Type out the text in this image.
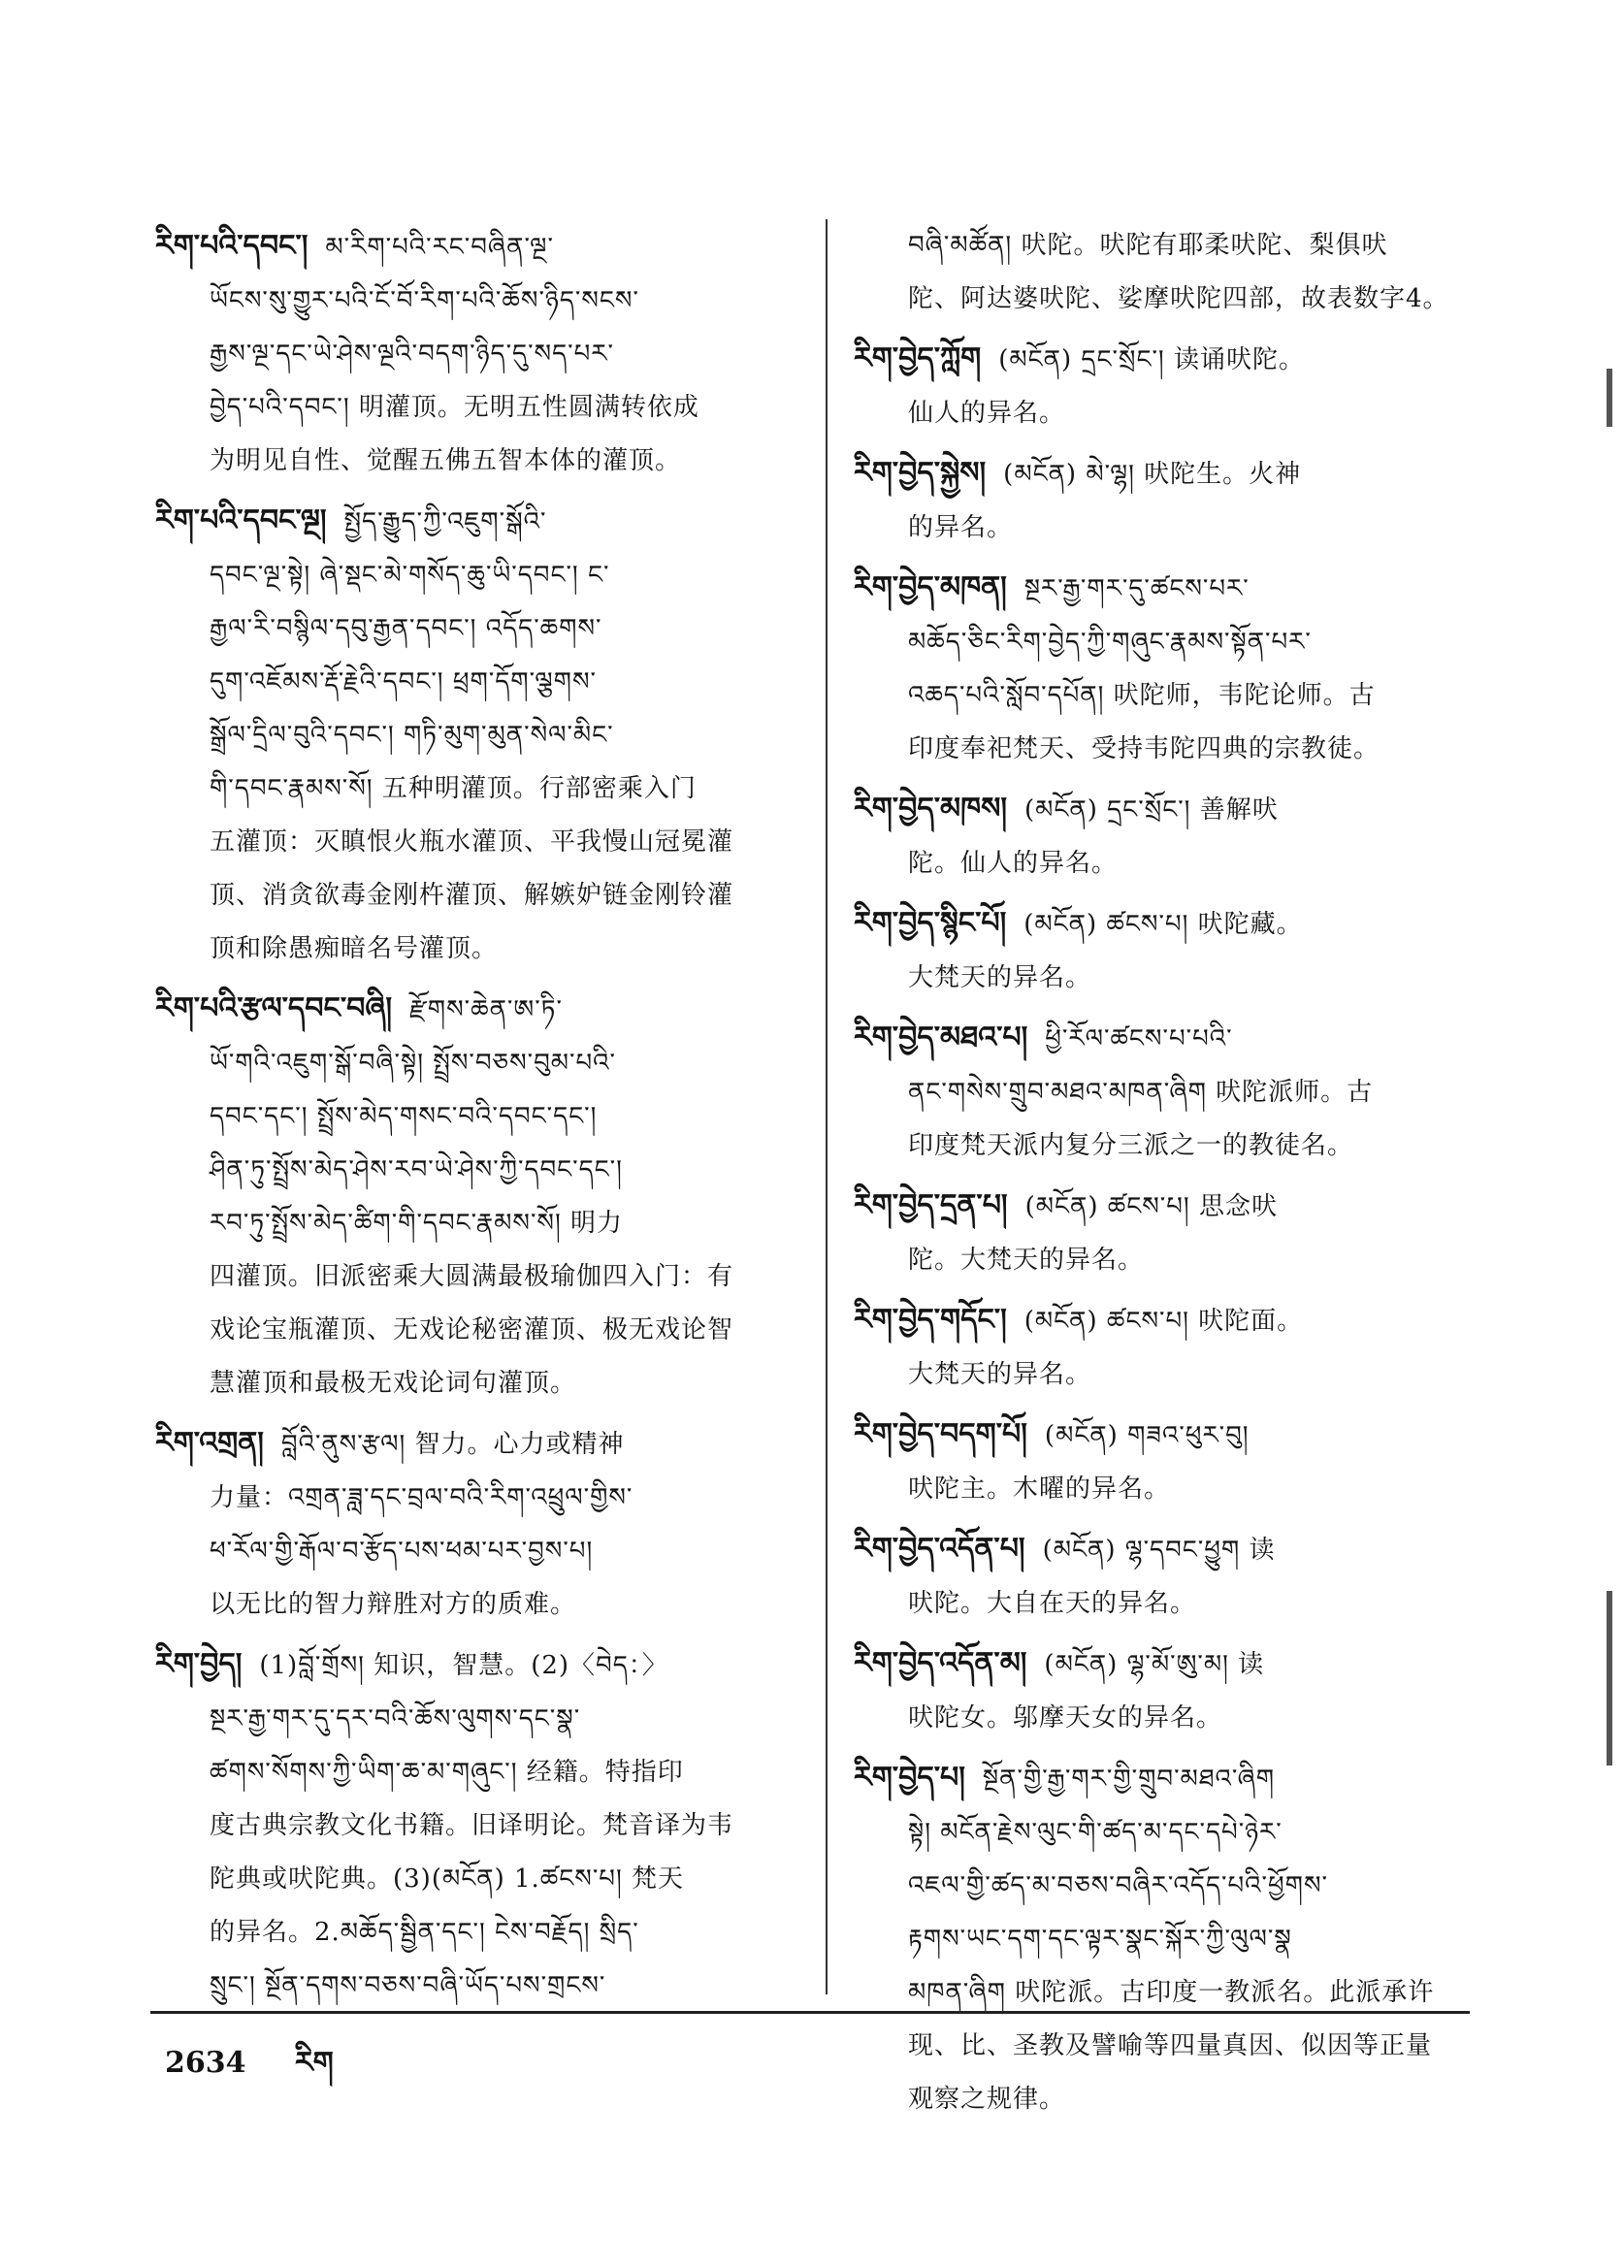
རིག་པའི་དབང་། མ་རིག་པའི་རང་བཞིན་ལྔ་

ཡོངས་སུ་གྱུར་པའི་ངོ་བོ་རིག་པའི་ཆོས་ཉིད་སངས་

རྒྱས་ལྔ་དང་ཡེ་ཤེས་ལྔའི་བདག་ཉིད་དུ་སད་པར་

བྱེད་པའི་དབང་། 明灌顶。无明五性圆满转依成

为明见自性、觉醒五佛五智本体的灌顶。

རིག་པའི་དབང་ལྔ། སྤྱོད་རྒྱུད་ཀྱི་འཇུག་སྒོའི་

དབང་ལྔ་སྟེ། ཞེ་སྡང་མེ་གསོད་ཆུ་ཡི་དབང་། ང་

རྒྱལ་རི་བསྙིལ་དབུ་རྒྱན་དབང་། འདོད་ཆགས་

དུག་འཇོམས་རྡོ་རྗེའི་དབང་། ཕྲག་དོག་ལྕགས་

སྒྲོལ་དྲིལ་བུའི་དབང་། གཏི་མུག་མུན་སེལ་མིང་

གི་དབང་རྣམས་སོ། 五种明灌顶。行部密乘入门

五灌顶：灭瞋恨火瓶水灌顶、平我慢山冠冕灌

顶、消贪欲毒金刚杵灌顶、解嫉妒链金刚铃灌

顶和除愚痴暗名号灌顶。

རིག་པའི་རྩལ་དབང་བཞི། རྫོགས་ཆེན་ཨ་ཏི་

ཡོ་གའི་འཇུག་སྒོ་བཞི་སྟེ། སྤྲོས་བཅས་བུམ་པའི་

དབང་དང་། སྤྲོས་མེད་གསང་བའི་དབང་དང་།

ཤིན་ཏུ་སྤྲོས་མེད་ཤེས་རབ་ཡེ་ཤེས་ཀྱི་དབང་དང་།

རབ་ཏུ་སྤྲོས་མེད་ཚིག་གི་དབང་རྣམས་སོ། 明力

四灌顶。旧派密乘大圆满最极瑜伽四入门：有

戏论宝瓶灌顶、无戏论秘密灌顶、极无戏论智

慧灌顶和最极无戏论词句灌顶。

རིག་འགྲན། བློའི་ནུས་རྩལ། 智力。心力或精神

力量：འགྲན་ཟླ་དང་བྲལ་བའི་རིག་འཕྲུལ་གྱིས་

ཕ་རོལ་གྱི་རྒོལ་བ་རྩོད་པས་ཕམ་པར་བྱས་པ།

以无比的智力辩胜对方的质难。

རིག་བྱེད། (1)བློ་གྲོས། 知识，智慧。(2)〈བེད：〉

སྔར་རྒྱ་གར་དུ་དར་བའི་ཆོས་ལུགས་དང་སྣ་

ཚགས་སོགས་ཀྱི་ཡིག་ཆ་མ་གཞུང་། 经籍。特指印

度古典宗教文化书籍。旧译明论。梵音译为韦

陀典或吠陀典。(3)(མངོན) 1.ཚངས་པ། 梵天

的异名。2.མཆོད་སྦྱིན་དང་། ངེས་བརྗོད། སྲིད་

སྲུང་། སྔོན་དགས་བཅས་བཞི་ཡོད་པས་གྲངས་

བཞི་མཚོན། 吠陀。吠陀有耶柔吠陀、梨俱吠

陀、阿达婆吠陀、娑摩吠陀四部，故表数字4。

རིག་བྱེད་ཀློག (མངོན) དྲང་སྲོང་། 读诵吠陀。

仙人的异名。

རིག་བྱེད་སྐྱེས། (མངོན) མེ་ལྷ། 吠陀生。火神

的异名。

རིག་བྱེད་མཁན། སྔར་རྒྱ་གར་དུ་ཚངས་པར་

མཆོད་ཅིང་རིག་བྱེད་ཀྱི་གཞུང་རྣམས་སྟོན་པར་

འཆད་པའི་སློབ་དཔོན། 吠陀师，韦陀论师。古

印度奉祀梵天、受持韦陀四典的宗教徒。

རིག་བྱེད་མཁས། (མངོན) དྲང་སྲོང་། 善解吠

陀。仙人的异名。

རིག་བྱེད་སྙིང་པོ། (མངོན) ཚངས་པ། 吠陀藏。

大梵天的异名。

རིག་བྱེད་མཐའ་པ། ཕྱི་རོལ་ཚངས་པ་པའི་

ནང་གསེས་གྲུབ་མཐའ་མཁན་ཞིག 吠陀派师。古

印度梵天派内复分三派之一的教徒名。

རིག་བྱེད་དྲན་པ། (མངོན) ཚངས་པ། 思念吠

陀。大梵天的异名。

རིག་བྱེད་གདོང་། (མངོན) ཚངས་པ། 吠陀面。

大梵天的异名。

རིག་བྱེད་བདག་པོ། (མངོན) གཟའ་ཕུར་བུ།

吠陀主。木曜的异名。

རིག་བྱེད་འདོན་པ། (མངོན) ལྷ་དབང་ཕྱུག 读

吠陀。大自在天的异名。

རིག་བྱེད་འདོན་མ། (མངོན) ལྷ་མོ་ཨུ་མ། 读

吠陀女。邬摩天女的异名。

རིག་བྱེད་པ། སྔོན་གྱི་རྒྱ་གར་གྱི་གྲུབ་མཐའ་ཞིག

སྟེ། མངོན་རྗེས་ལུང་གི་ཚད་མ་དང་དཔེ་ཉེར་

འཇལ་གྱི་ཚད་མ་བཅས་བཞིར་འདོད་པའི་ཕྱོགས་

རྟགས་ཡང་དག་དང་ལྟར་སྣང་སྐོར་ཀྱི་ལུལ་སྣ

མཁན་ཞིག 吠陀派。古印度一教派名。此派承许

现、比、圣教及譬喻等四量真因、似因等正量

观察之规律。

2634 རིག
